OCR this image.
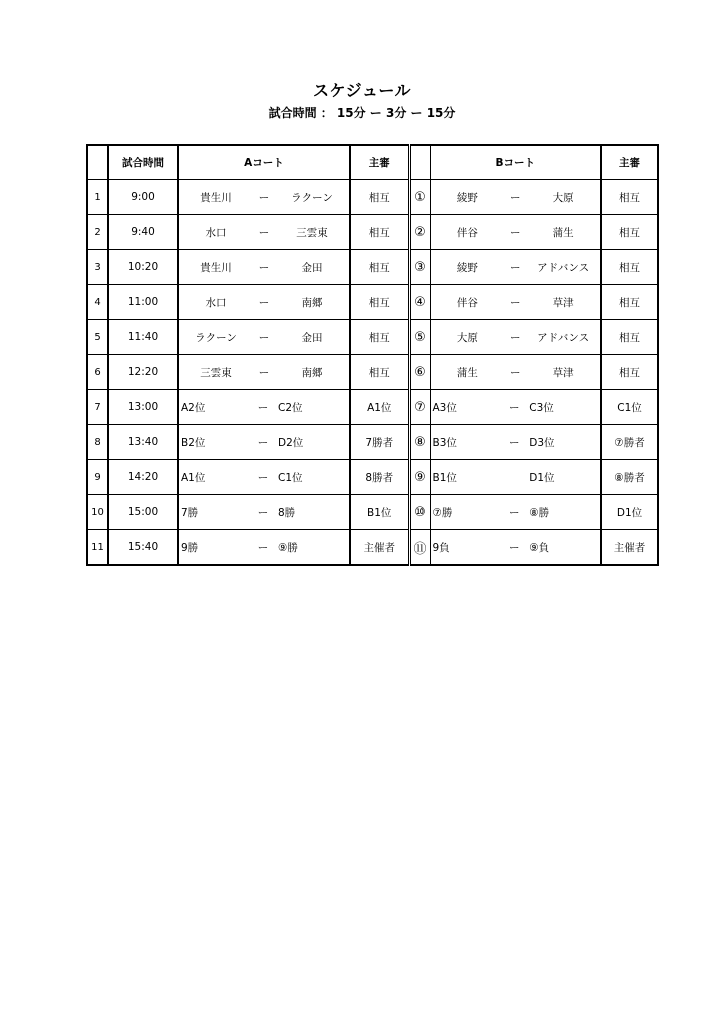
スケジュール
試合時間 ： 15分 ー 3分 ー 15分
	試合時間	Aコート	主審		Bコート	主審
1	9:00	貴生川 ー ラクーン	相互	①	綾野 ー 大原	相互
2	9:40	水口 ー 三雲東	相互	②	伴谷 ー 蒲生	相互
3	10:20	貴生川 ー 金田	相互	③	綾野 ー アドバンス	相互
4	11:00	水口 ー 南郷	相互	④	伴谷 ー 草津	相互
5	11:40	ラクーン ー 金田	相互	⑤	大原 ー アドバンス	相互
6	12:20	三雲東 ー 南郷	相互	⑥	蒲生 ー 草津	相互
7	13:00	A2位 ー C2位	A1位	⑦	A3位 ー C3位	C1位
8	13:40	B2位 ー D2位	7勝者	⑧	B3位 ー D3位	⑦勝者
9	14:20	A1位 ー C1位	8勝者	⑨	B1位 D1位	⑧勝者
10	15:00	7勝 ー 8勝	B1位	⑩	⑦勝 ー ⑧勝	D1位
11	15:40	9勝 ー ⑨勝	主催者	⑪	9負 ー ⑨負	主催者
